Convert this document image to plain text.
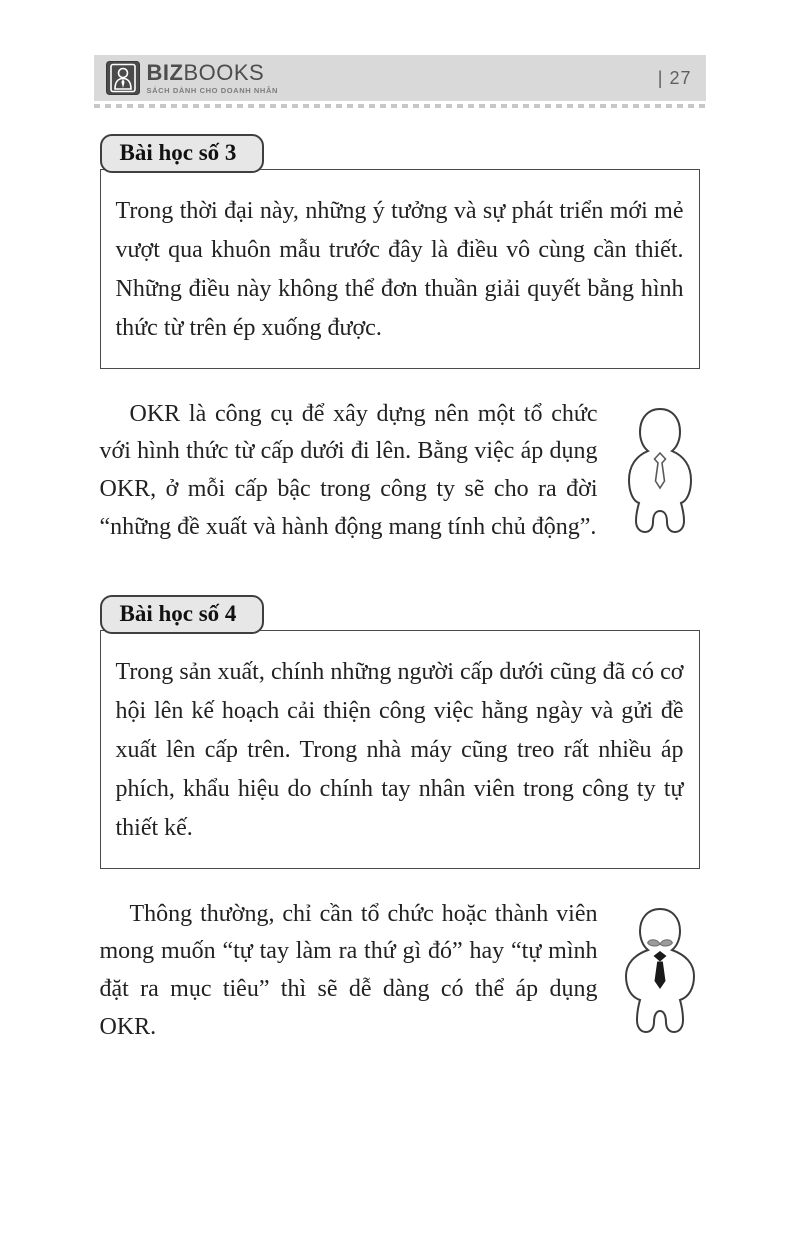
BIZBOOKS
SÁCH DÀNH CHO DOANH NHÂN
| 27
Bài học số 3
Trong thời đại này, những ý tưởng và sự phát triển mới mẻ vượt qua khuôn mẫu trước đây là điều vô cùng cần thiết. Những điều này không thể đơn thuần giải quyết bằng hình thức từ trên ép xuống được.

OKR là công cụ để xây dựng nên một tổ chức với hình thức từ cấp dưới đi lên. Bằng việc áp dụng OKR, ở mỗi cấp bậc trong công ty sẽ cho ra đời “những đề xuất và hành động mang tính chủ động”.

Bài học số 4
Trong sản xuất, chính những người cấp dưới cũng đã có cơ hội lên kế hoạch cải thiện công việc hằng ngày và gửi đề xuất lên cấp trên. Trong nhà máy cũng treo rất nhiều áp phích, khẩu hiệu do chính tay nhân viên trong công ty tự thiết kế.

Thông thường, chỉ cần tổ chức hoặc thành viên mong muốn “tự tay làm ra thứ gì đó” hay “tự mình đặt ra mục tiêu” thì sẽ dễ dàng có thể áp dụng OKR.
